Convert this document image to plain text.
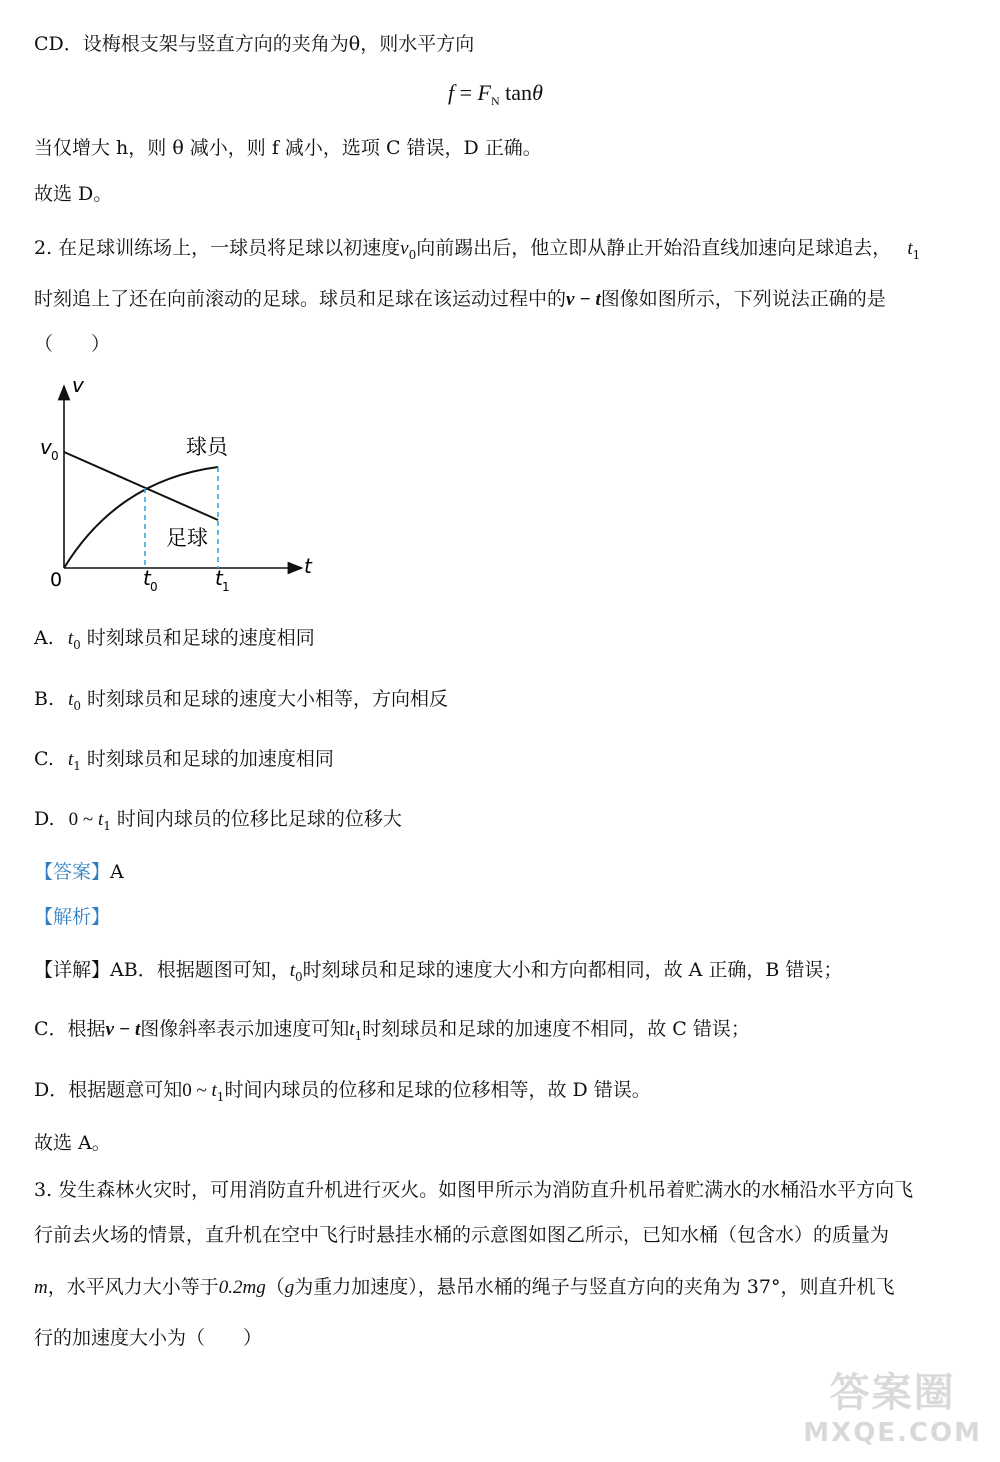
CD．设梅根支架与竖直方向的夹角为θ，则水平方向
$f = F_N$ tanθ
当仅增大 h，则 θ 减小，则 f 减小，选项 C 错误，D 正确。
故选 D。
2. 在足球训练场上，一球员将足球以初速度$v_0$向前踢出后，他立即从静止开始沿直线加速向足球追去， $t_1$
时刻追上了还在向前滚动的足球。球员和足球在该运动过程中的v − t图像如图所示，下列说法正确的是
（　　）
v
t
0
v 0
t 0	t 1
球员
足球
A. $t_0$ 时刻球员和足球的速度相同
B. $t_0$ 时刻球员和足球的速度大小相等，方向相反
C. $t_1$ 时刻球员和足球的加速度相同
D. 0 ~ $t_1$ 时间内球员的位移比足球的位移大
【答案】A
【解析】
【详解】AB．根据题图可知，$t_0$时刻球员和足球的速度大小和方向都相同，故 A 正确，B 错误；
C．根据v − t图像斜率表示加速度可知$t_1$时刻球员和足球的加速度不相同，故 C 错误；
D．根据题意可知0 ~ $t_1$时间内球员的位移和足球的位移相等，故 D 错误。
故选 A。
3. 发生森林火灾时，可用消防直升机进行灭火。如图甲所示为消防直升机吊着贮满水的水桶沿水平方向飞
行前去火场的情景，直升机在空中飞行时悬挂水桶的示意图如图乙所示，已知水桶（包含水）的质量为
m，水平风力大小等于0.2mg（g为重力加速度），悬吊水桶的绳子与竖直方向的夹角为 37°，则直升机飞
行的加速度大小为（　　）
答案圈
MXQE.COM
